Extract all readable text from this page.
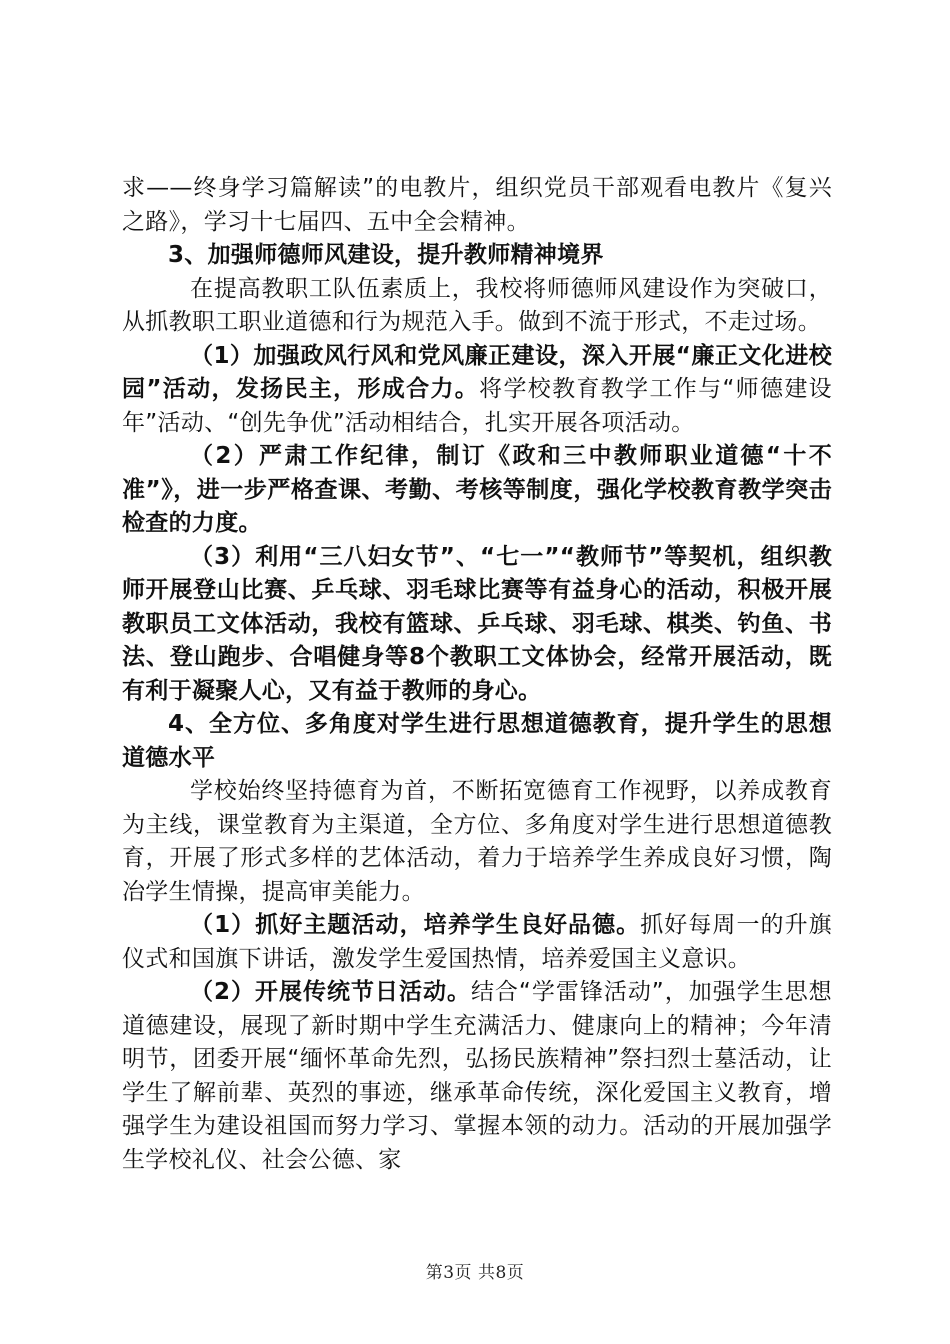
求——终身学习篇解读”的电教片，组织党员干部观看电教片《复兴之路》，学习十七届四、五中全会精神。

3、加强师德师风建设，提升教师精神境界

在提高教职工队伍素质上，我校将师德师风建设作为突破口，从抓教职工职业道德和行为规范入手。做到不流于形式，不走过场。

（1）加强政风行风和党风廉正建设，深入开展“廉正文化进校园”活动，发扬民主，形成合力。将学校教育教学工作与“师德建设年”活动、“创先争优”活动相结合，扎实开展各项活动。

（2）严肃工作纪律，制订《政和三中教师职业道德“十不准”》，进一步严格查课、考勤、考核等制度，强化学校教育教学突击检查的力度。

（3）利用“三八妇女节”、“七一”“教师节”等契机，组织教师开展登山比赛、乒乓球、羽毛球比赛等有益身心的活动，积极开展教职员工文体活动，我校有篮球、乒乓球、羽毛球、棋类、钓鱼、书法、登山跑步、合唱健身等8个教职工文体协会，经常开展活动，既有利于凝聚人心，又有益于教师的身心。

4、全方位、多角度对学生进行思想道德教育，提升学生的思想道德水平

学校始终坚持德育为首，不断拓宽德育工作视野，以养成教育为主线，课堂教育为主渠道，全方位、多角度对学生进行思想道德教育，开展了形式多样的艺体活动，着力于培养学生养成良好习惯，陶冶学生情操，提高审美能力。

（1）抓好主题活动，培养学生良好品德。抓好每周一的升旗仪式和国旗下讲话，激发学生爱国热情，培养爱国主义意识。

（2）开展传统节日活动。结合“学雷锋活动”，加强学生思想道德建设，展现了新时期中学生充满活力、健康向上的精神；今年清明节，团委开展“缅怀革命先烈，弘扬民族精神”祭扫烈士墓活动，让学生了解前辈、英烈的事迹，继承革命传统，深化爱国主义教育，增强学生为建设祖国而努力学习、掌握本领的动力。活动的开展加强学生学校礼仪、社会公德、家

第3页 共8页
